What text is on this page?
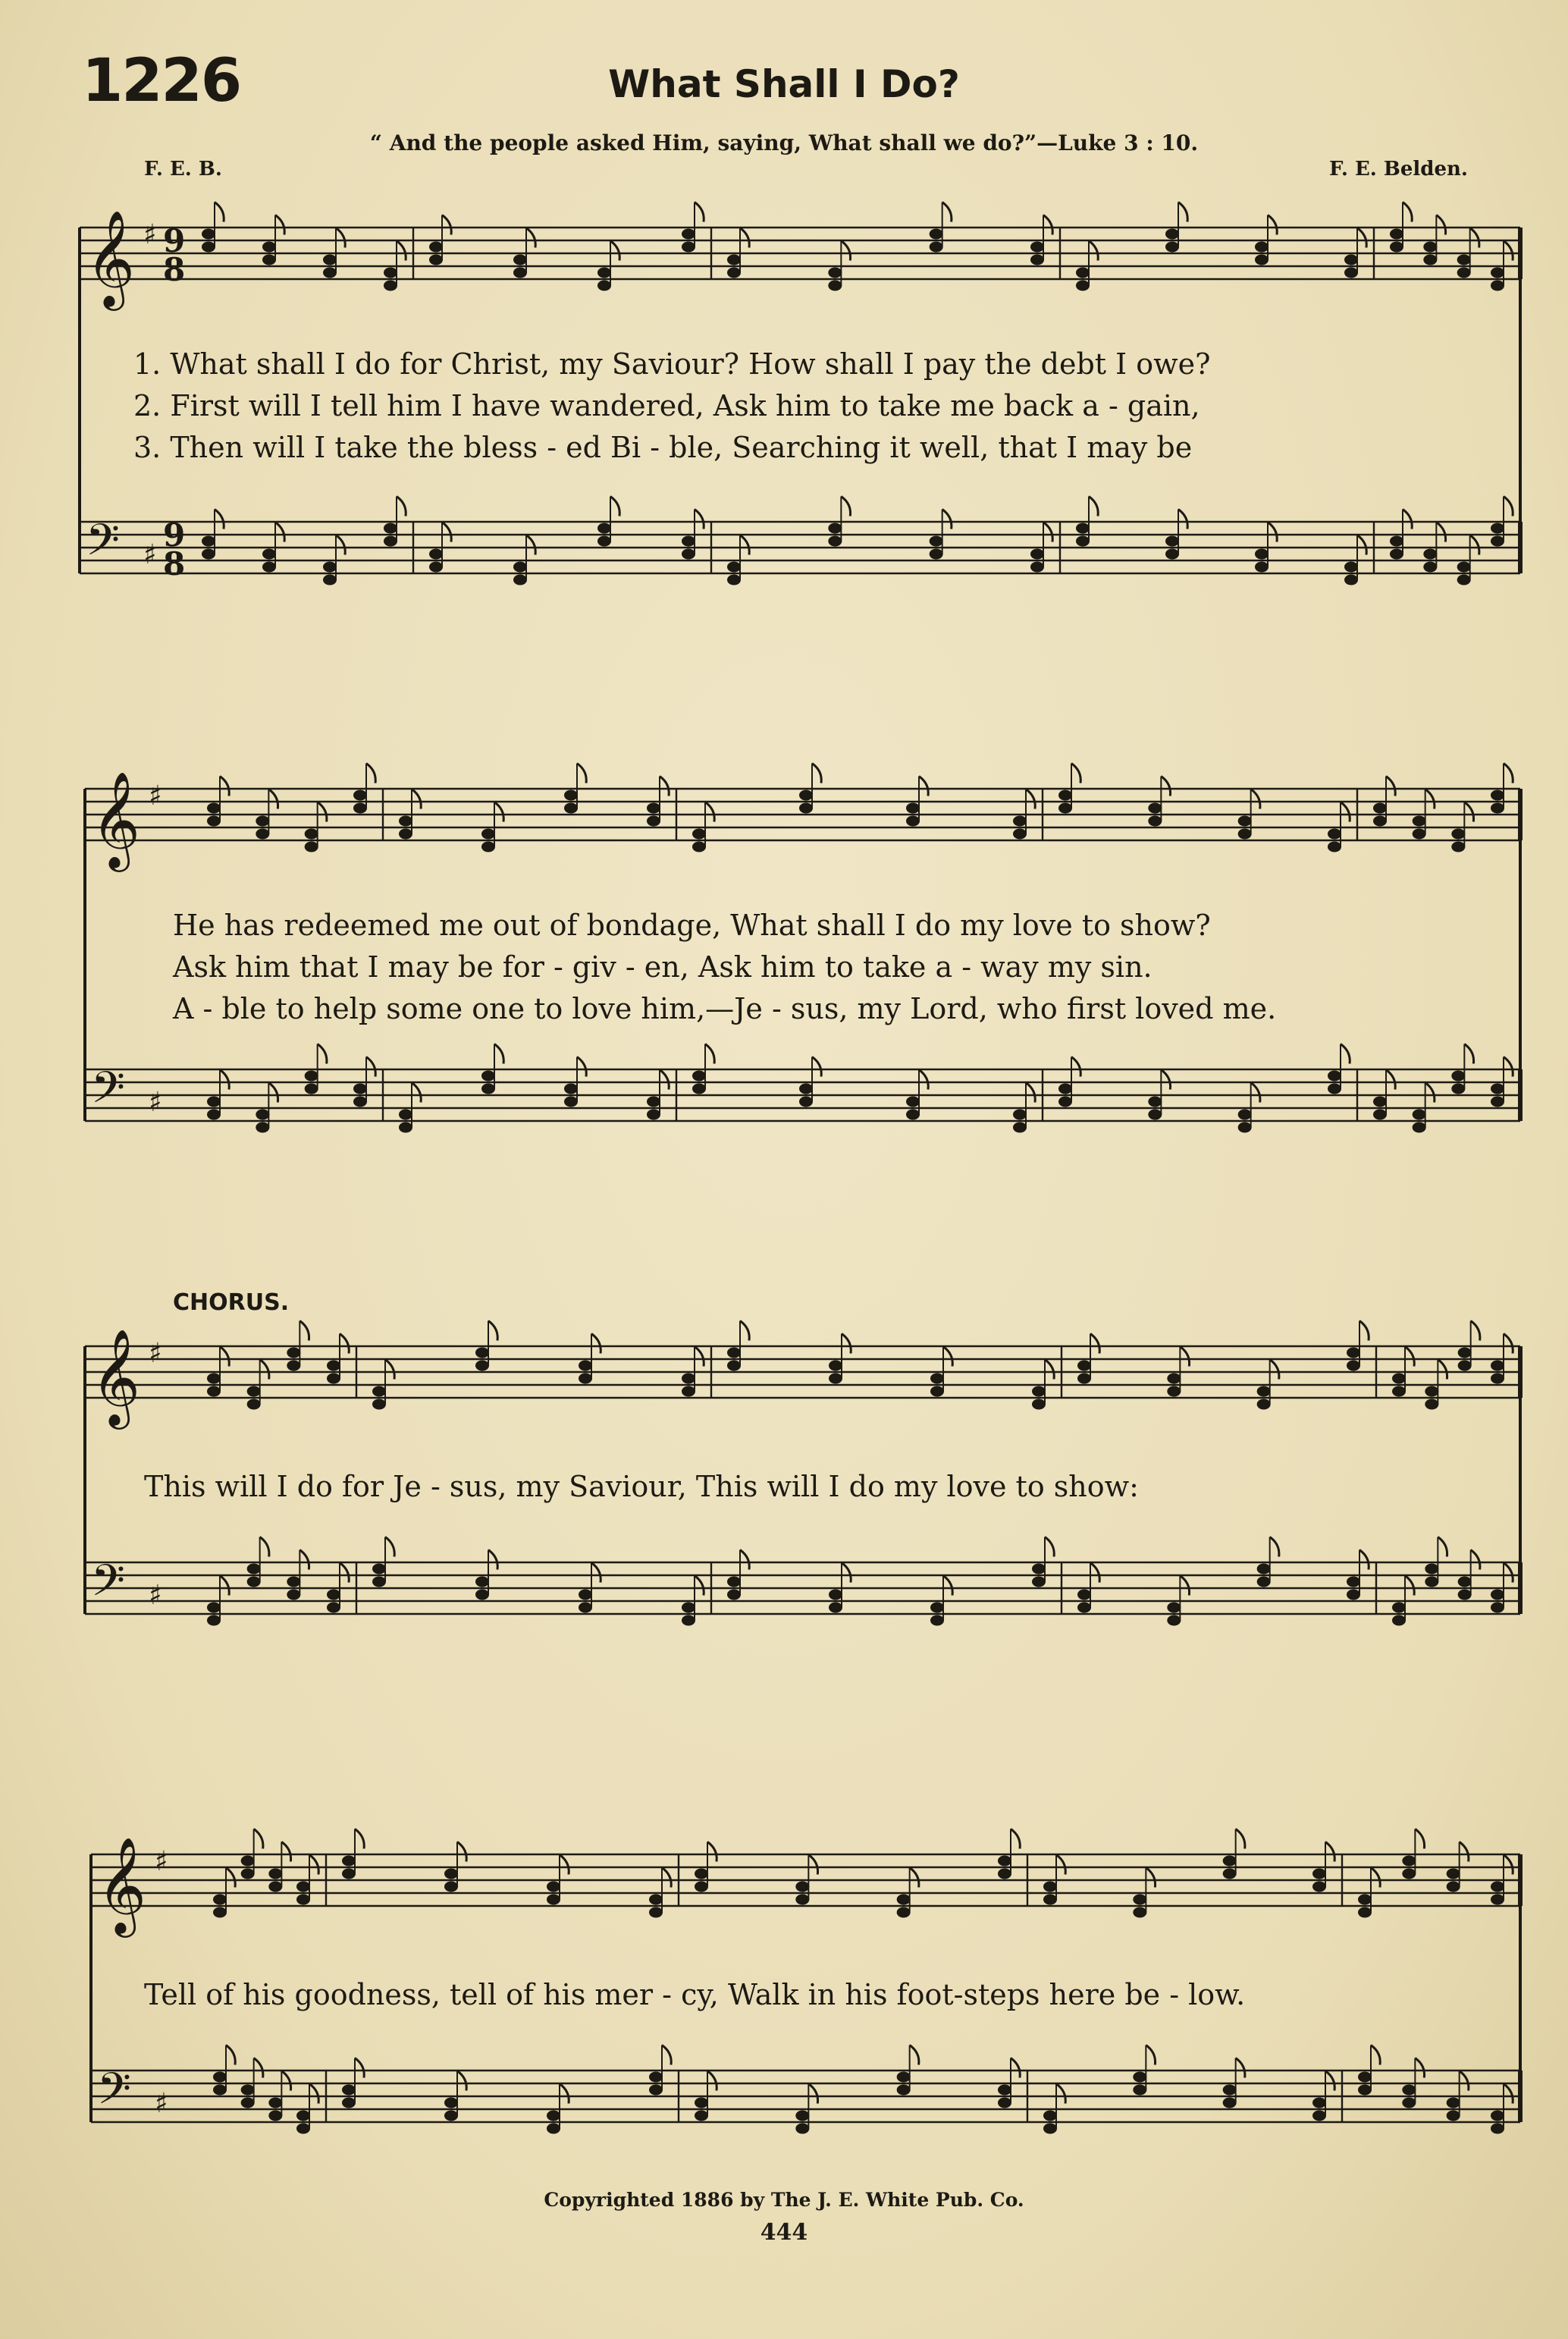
1226	What Shall I Do?
“ And the people asked Him, saying, What shall we do?”—Luke 3 : 10.
F. E. B.	F. E. Belden.
𝄞 ♯
𝄢 ♯
𝄞 ♯
𝄢 ♯
𝄞 ♯
𝄢 ♯
𝄞 ♯
𝄢 ♯
9
8
9
8
1. What shall I do for Christ, my Saviour? How shall I pay the debt I owe?
2. First will I tell him I have wandered, Ask him to take me back a - gain,
3. Then will I take the bless - ed Bi - ble, Searching it well, that I may be
He has redeemed me out of bondage, What shall I do my love to show?
Ask him that I may be for - giv - en, Ask him to take a - way my sin.
A - ble to help some one to love him,—Je - sus, my Lord, who first loved me.
CHORUS.
This will I do for Je - sus, my Saviour, This will I do my love to show:
Tell of his goodness, tell of his mer - cy, Walk in his foot-steps here be - low.
Copyrighted 1886 by The J. E. White Pub. Co.
444
